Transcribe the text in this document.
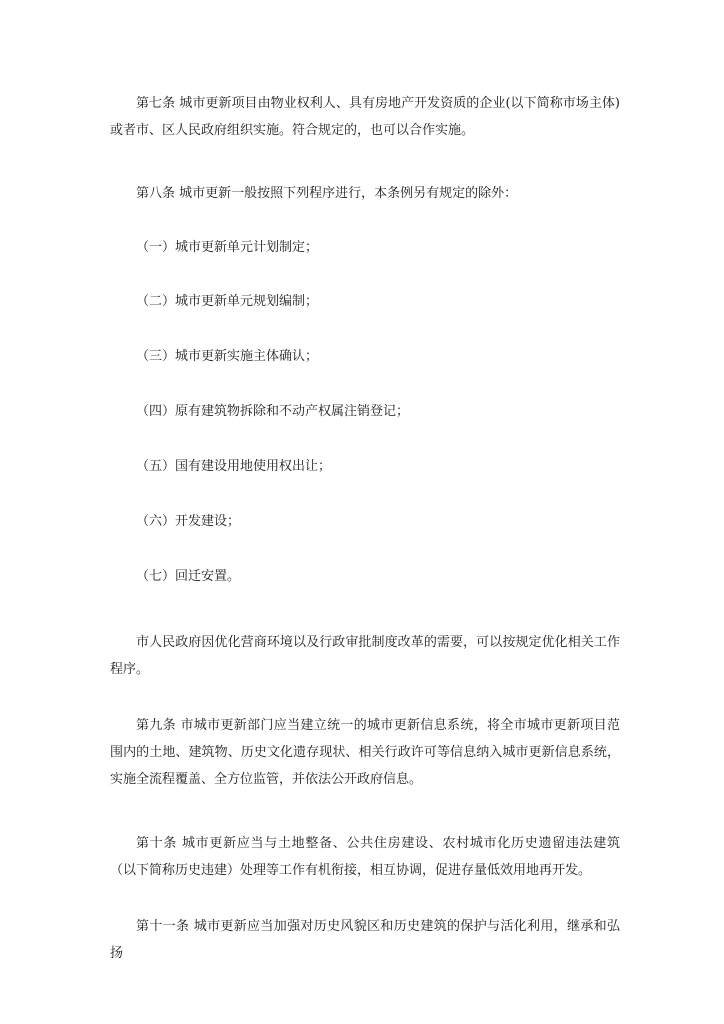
第七条 城市更新项目由物业权利人、具有房地产开发资质的企业(以下简称市场主体)或者市、区人民政府组织实施。符合规定的，也可以合作实施。

第八条 城市更新一般按照下列程序进行，本条例另有规定的除外：

（一）城市更新单元计划制定；

（二）城市更新单元规划编制；

（三）城市更新实施主体确认；

（四）原有建筑物拆除和不动产权属注销登记；

（五）国有建设用地使用权出让；

（六）开发建设；

（七）回迁安置。

市人民政府因优化营商环境以及行政审批制度改革的需要，可以按规定优化相关工作程序。

第九条 市城市更新部门应当建立统一的城市更新信息系统，将全市城市更新项目范围内的土地、建筑物、历史文化遗存现状、相关行政许可等信息纳入城市更新信息系统，实施全流程覆盖、全方位监管，并依法公开政府信息。

第十条 城市更新应当与土地整备、公共住房建设、农村城市化历史遗留违法建筑（以下简称历史违建）处理等工作有机衔接，相互协调，促进存量低效用地再开发。

第十一条 城市更新应当加强对历史风貌区和历史建筑的保护与活化利用，继承和弘扬
